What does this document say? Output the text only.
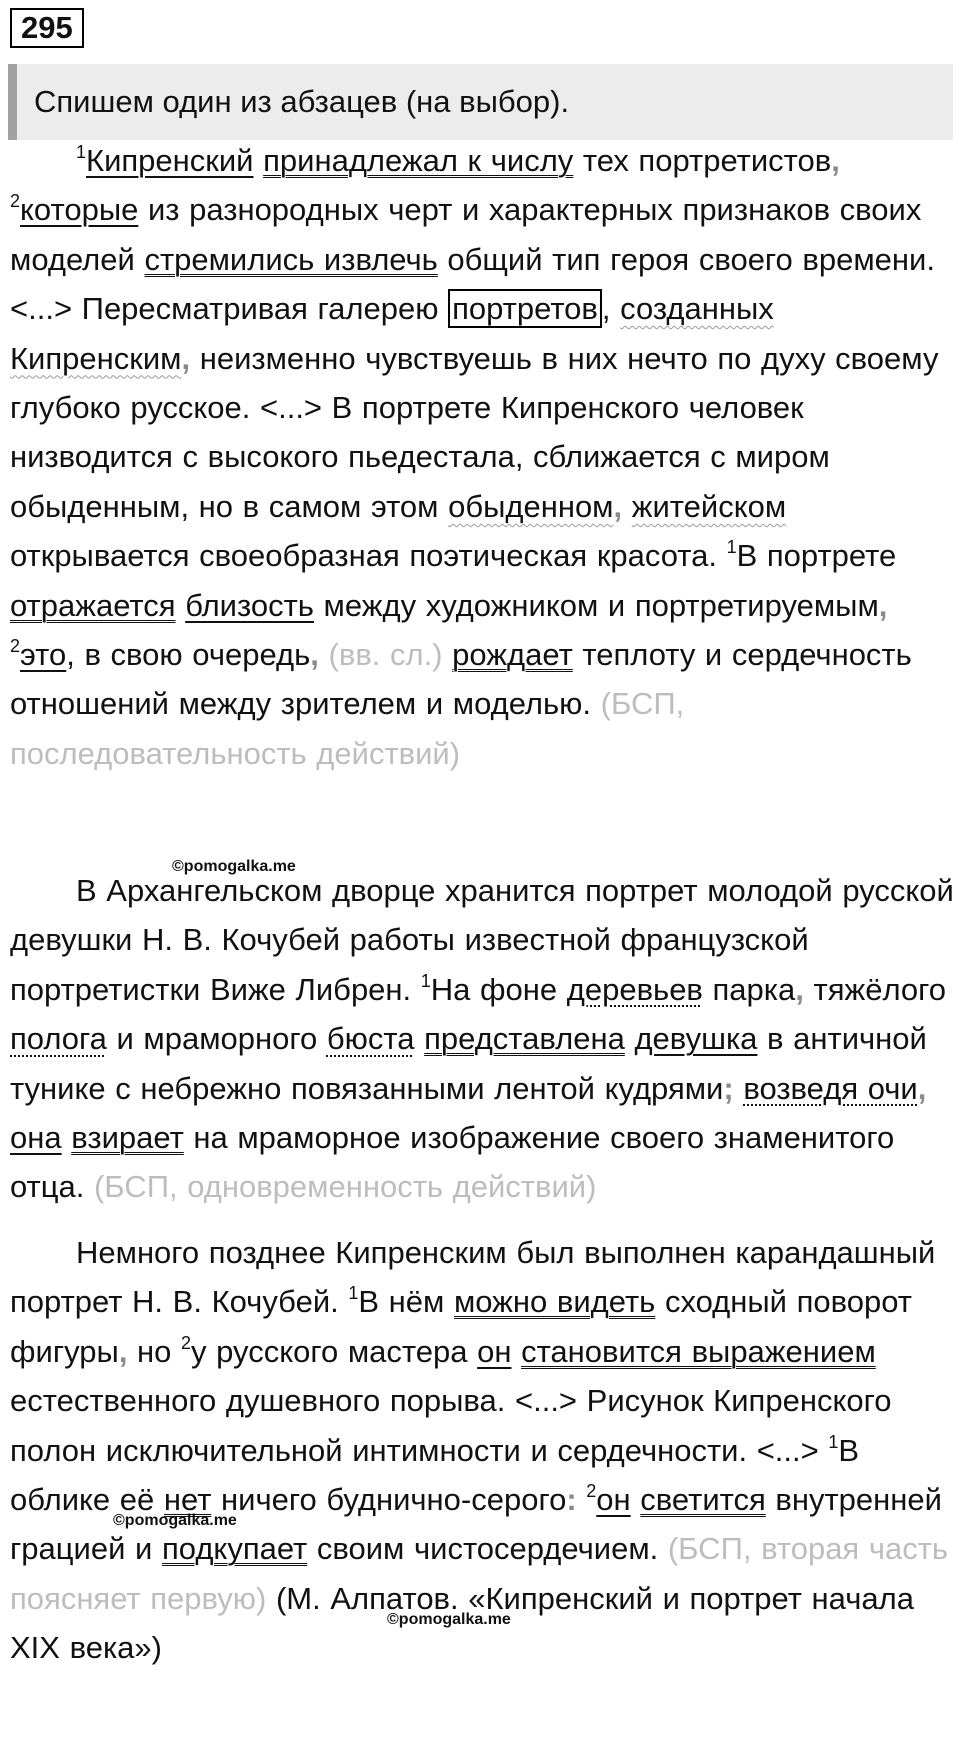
295
Спишем один из абзацев (на выбор).

$^1$Кипренский принадлежал к числу тех портретистов, $^2$которые из разнородных черт и характерных признаков своих моделей стремились извлечь общий тип героя своего времени. <...> Пересматривая галерею портретов , созданных Кипренским, неизменно чувствуешь в них нечто по духу своему глубоко русское. <...> В портрете Кипренского человек низводится с высокого пьедестала, сближается с миром обыденным, но в самом этом обыденном, житейском открывается своеобразная поэтическая красота. $^1$В портрете отражается близость между художником и портретируемым, $^2$это, в свою очередь, (вв. сл.) рождает теплоту и сердечность отношений между зрителем и моделью. (БСП, последовательность действий)

В Архангельском дворце хранится портрет молодой русской девушки Н. В. Кочубей работы известной французской портретистки Виже Либрен. $^1$На фоне деревьев парка, тяжёлого полога и мраморного бюста представлена девушка в античной тунике с небрежно повязанными лентой кудрями; возведя очи, она взирает на мраморное изображение своего знаменитого отца. (БСП, одновременность действий)

Немного позднее Кипренским был выполнен карандашный портрет Н. В. Кочубей. $^1$В нём можно видеть сходный поворот фигуры, но $^2$у русского мастера он становится выражением естественного душевного порыва. <...> Рисунок Кипренского полон исключительной интимности и сердечности. <...> $^1$В облике её нет ничего буднично-серого: $^2$он светится внутренней грацией и подкупает своим чистосердечием. (БСП, вторая часть поясняет первую) (М. Алпатов. «Кипренский и портрет начала XIX века»)

©pomogalka.me
©pomogalka.me
©pomogalka.me
